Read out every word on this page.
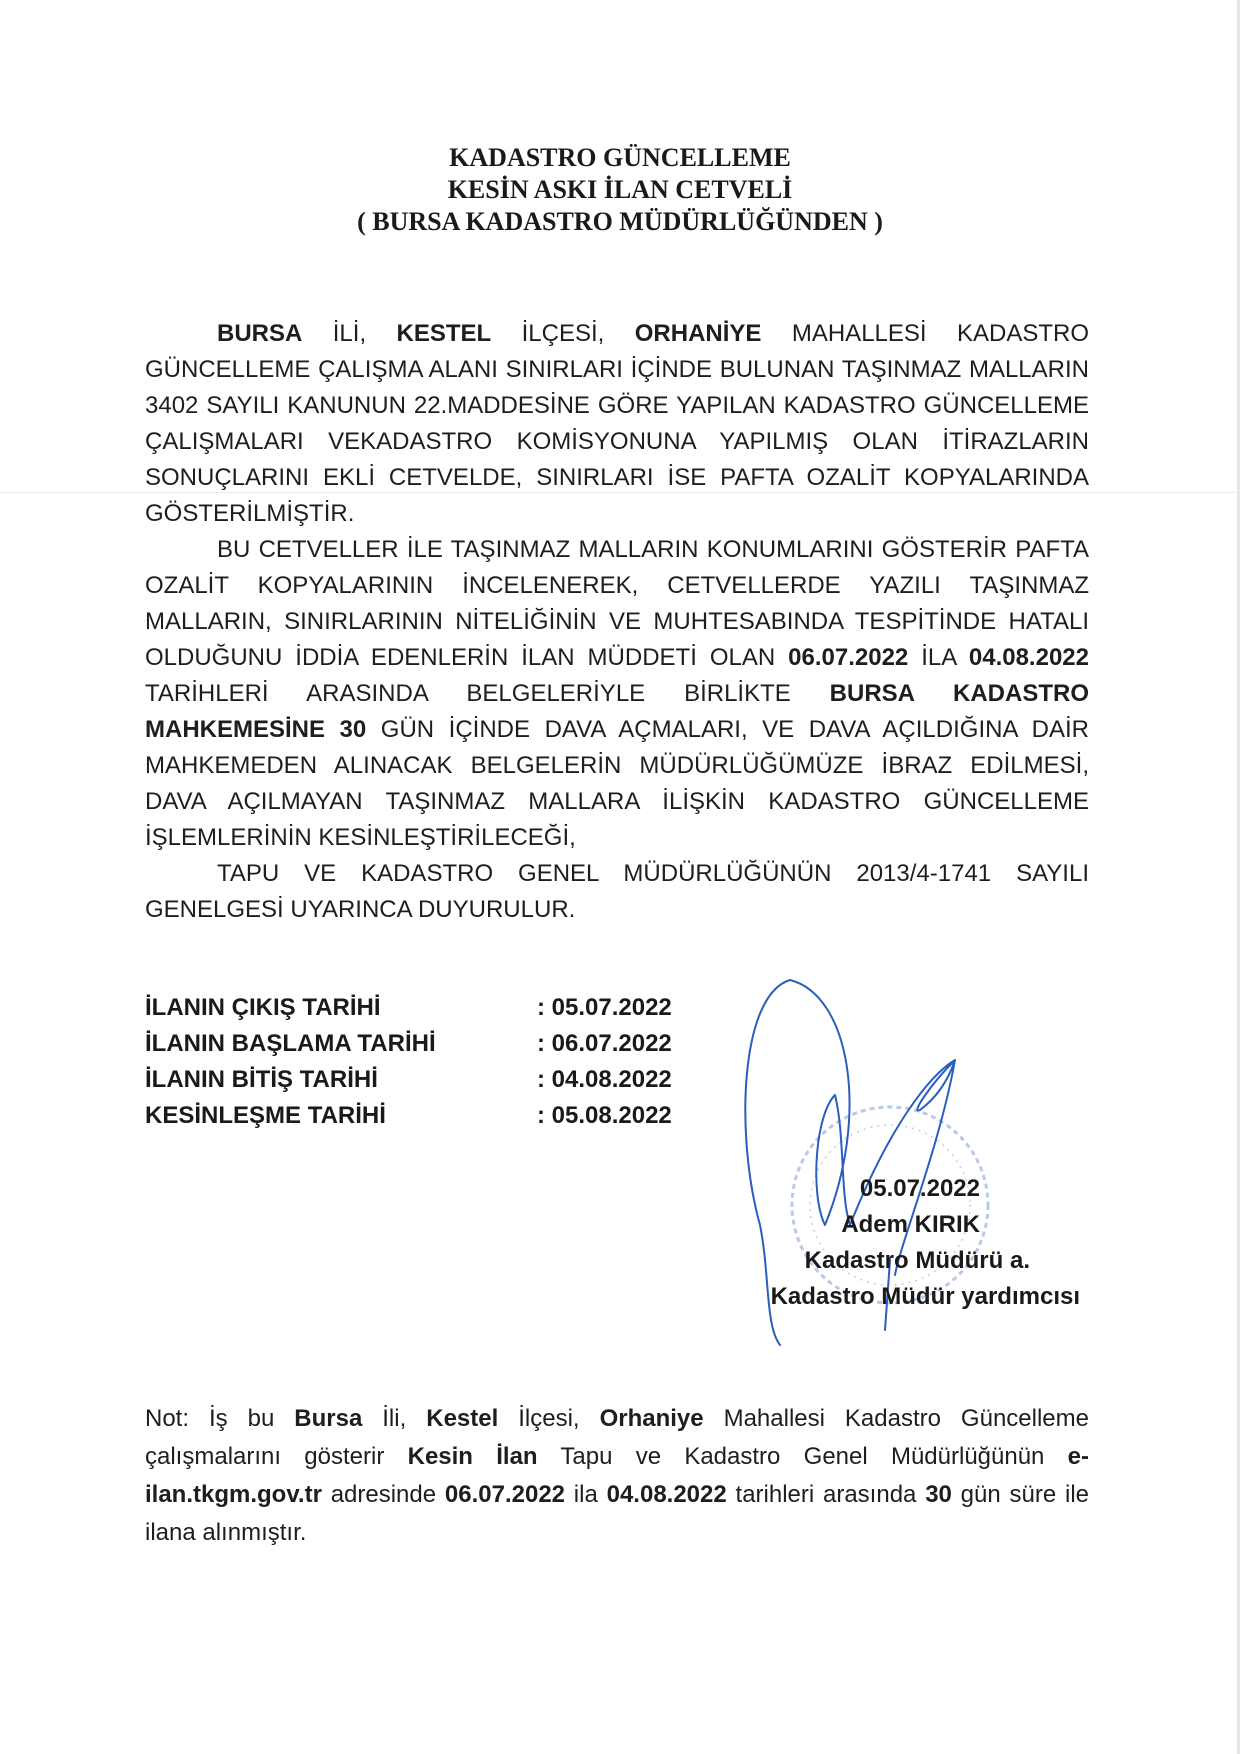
KADASTRO GÜNCELLEME
KESİN ASKI İLAN CETVELİ
( BURSA KADASTRO MÜDÜRLÜĞÜNDEN )

BURSA İLİ, KESTEL İLÇESİ, ORHANİYE MAHALLESİ KADASTRO GÜNCELLEME ÇALIŞMA ALANI SINIRLARI İÇİNDE BULUNAN TAŞINMAZ MALLARIN 3402 SAYILI KANUNUN 22.MADDESİNE GÖRE YAPILAN KADASTRO GÜNCELLEME ÇALIŞMALARI VEKADASTRO KOMİSYONUNA YAPILMIŞ OLAN İTİRAZLARIN SONUÇLARINI EKLİ CETVELDE, SINIRLARI İSE PAFTA OZALİT KOPYALARINDA GÖSTERİLMİŞTİR.

BU CETVELLER İLE TAŞINMAZ MALLARIN KONUMLARINI GÖSTERİR PAFTA OZALİT KOPYALARININ İNCELENEREK, CETVELLERDE YAZILI TAŞINMAZ MALLARIN, SINIRLARININ NİTELİĞİNİN VE MUHTESABINDA TESPİTİNDE HATALI OLDUĞUNU İDDİA EDENLERİN İLAN MÜDDETİ OLAN 06.07.2022 İLA 04.08.2022 TARİHLERİ ARASINDA BELGELERİYLE BİRLİKTE BURSA KADASTRO MAHKEMESİNE 30 GÜN İÇİNDE DAVA AÇMALARI, VE DAVA AÇILDIĞINA DAİR MAHKEMEDEN ALINACAK BELGELERİN MÜDÜRLÜĞÜMÜZE İBRAZ EDİLMESİ, DAVA AÇILMAYAN TAŞINMAZ MALLARA İLİŞKİN KADASTRO GÜNCELLEME İŞLEMLERİNİN KESİNLEŞTİRİLECEĞİ,

TAPU VE KADASTRO GENEL MÜDÜRLÜĞÜNÜN 2013/4-1741 SAYILI GENELGESİ UYARINCA DUYURULUR.

İLANIN ÇIKIŞ TARİHİ	: 05.07.2022
İLANIN BAŞLAMA TARİHİ	: 06.07.2022
İLANIN BİTİŞ TARİHİ	: 04.08.2022
KESİNLEŞME TARİHİ	: 05.08.2022
05.07.2022
Adem KIRIK
Kadastro Müdürü a.
Kadastro Müdür yardımcısı

Not: İş bu Bursa İli, Kestel İlçesi, Orhaniye Mahallesi Kadastro Güncelleme çalışmalarını gösterir Kesin İlan Tapu ve Kadastro Genel Müdürlüğünün e-ilan.tkgm.gov.tr adresinde 06.07.2022 ila 04.08.2022 tarihleri arasında 30 gün süre ile ilana alınmıştır.
